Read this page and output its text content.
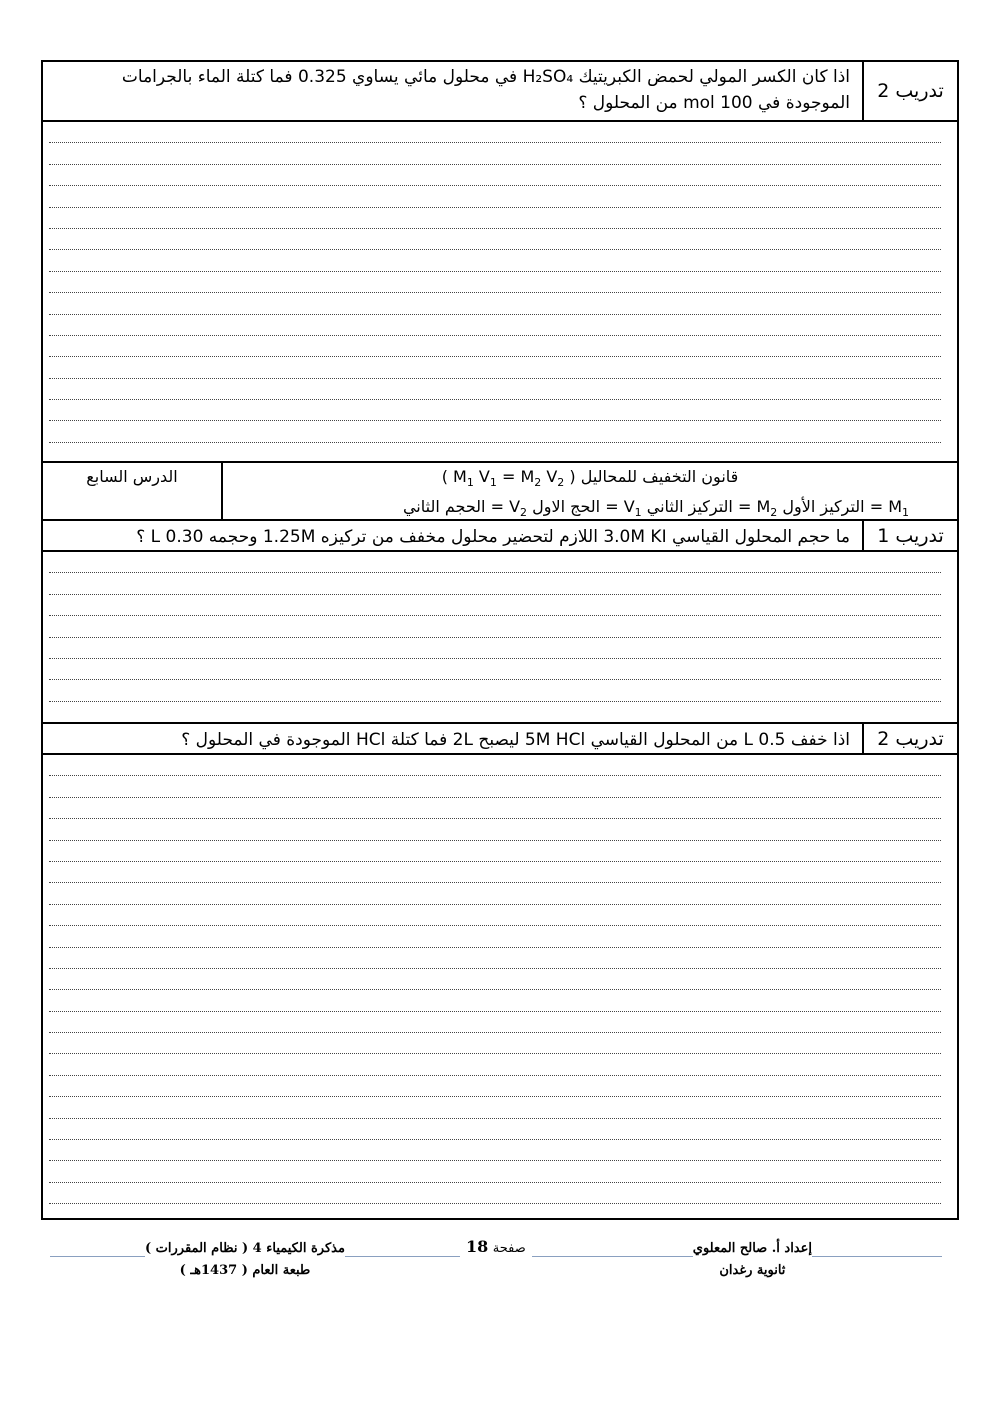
تدريب 2
اذا كان الكسر المولي لحمض الكبريتيك H₂SO₄ في محلول مائي يساوي 0.325 فما كتلة الماء بالجرامات
الموجودة في 100 mol من المحلول ؟
الدرس السابع	قانون التخفيف للمحاليل ( $M_1$ $V_1 = M_2$ $V_2$ )
$M_1$ = التركيز الأول $M_2$ = التركيز الثاني $V_1$ = الحج الاول $V_2$ = الحجم الثاني
تدريب 1
ما حجم المحلول القياسي 3.0M KI اللازم لتحضير محلول مخفف من تركيزه 1.25M وحجمه 0.30 L ؟
تدريب 2
اذا خفف 0.5 L من المحلول القياسي 5M HCl ليصبح 2L فما كتلة HCl الموجودة في المحلول ؟
إعداد أ. صالح المعلوي
ثانوية رغدان
صفحة 18
مذكرة الكيمياء 4 ( نظام المقررات )
طبعة العام ( 1437هـ )
